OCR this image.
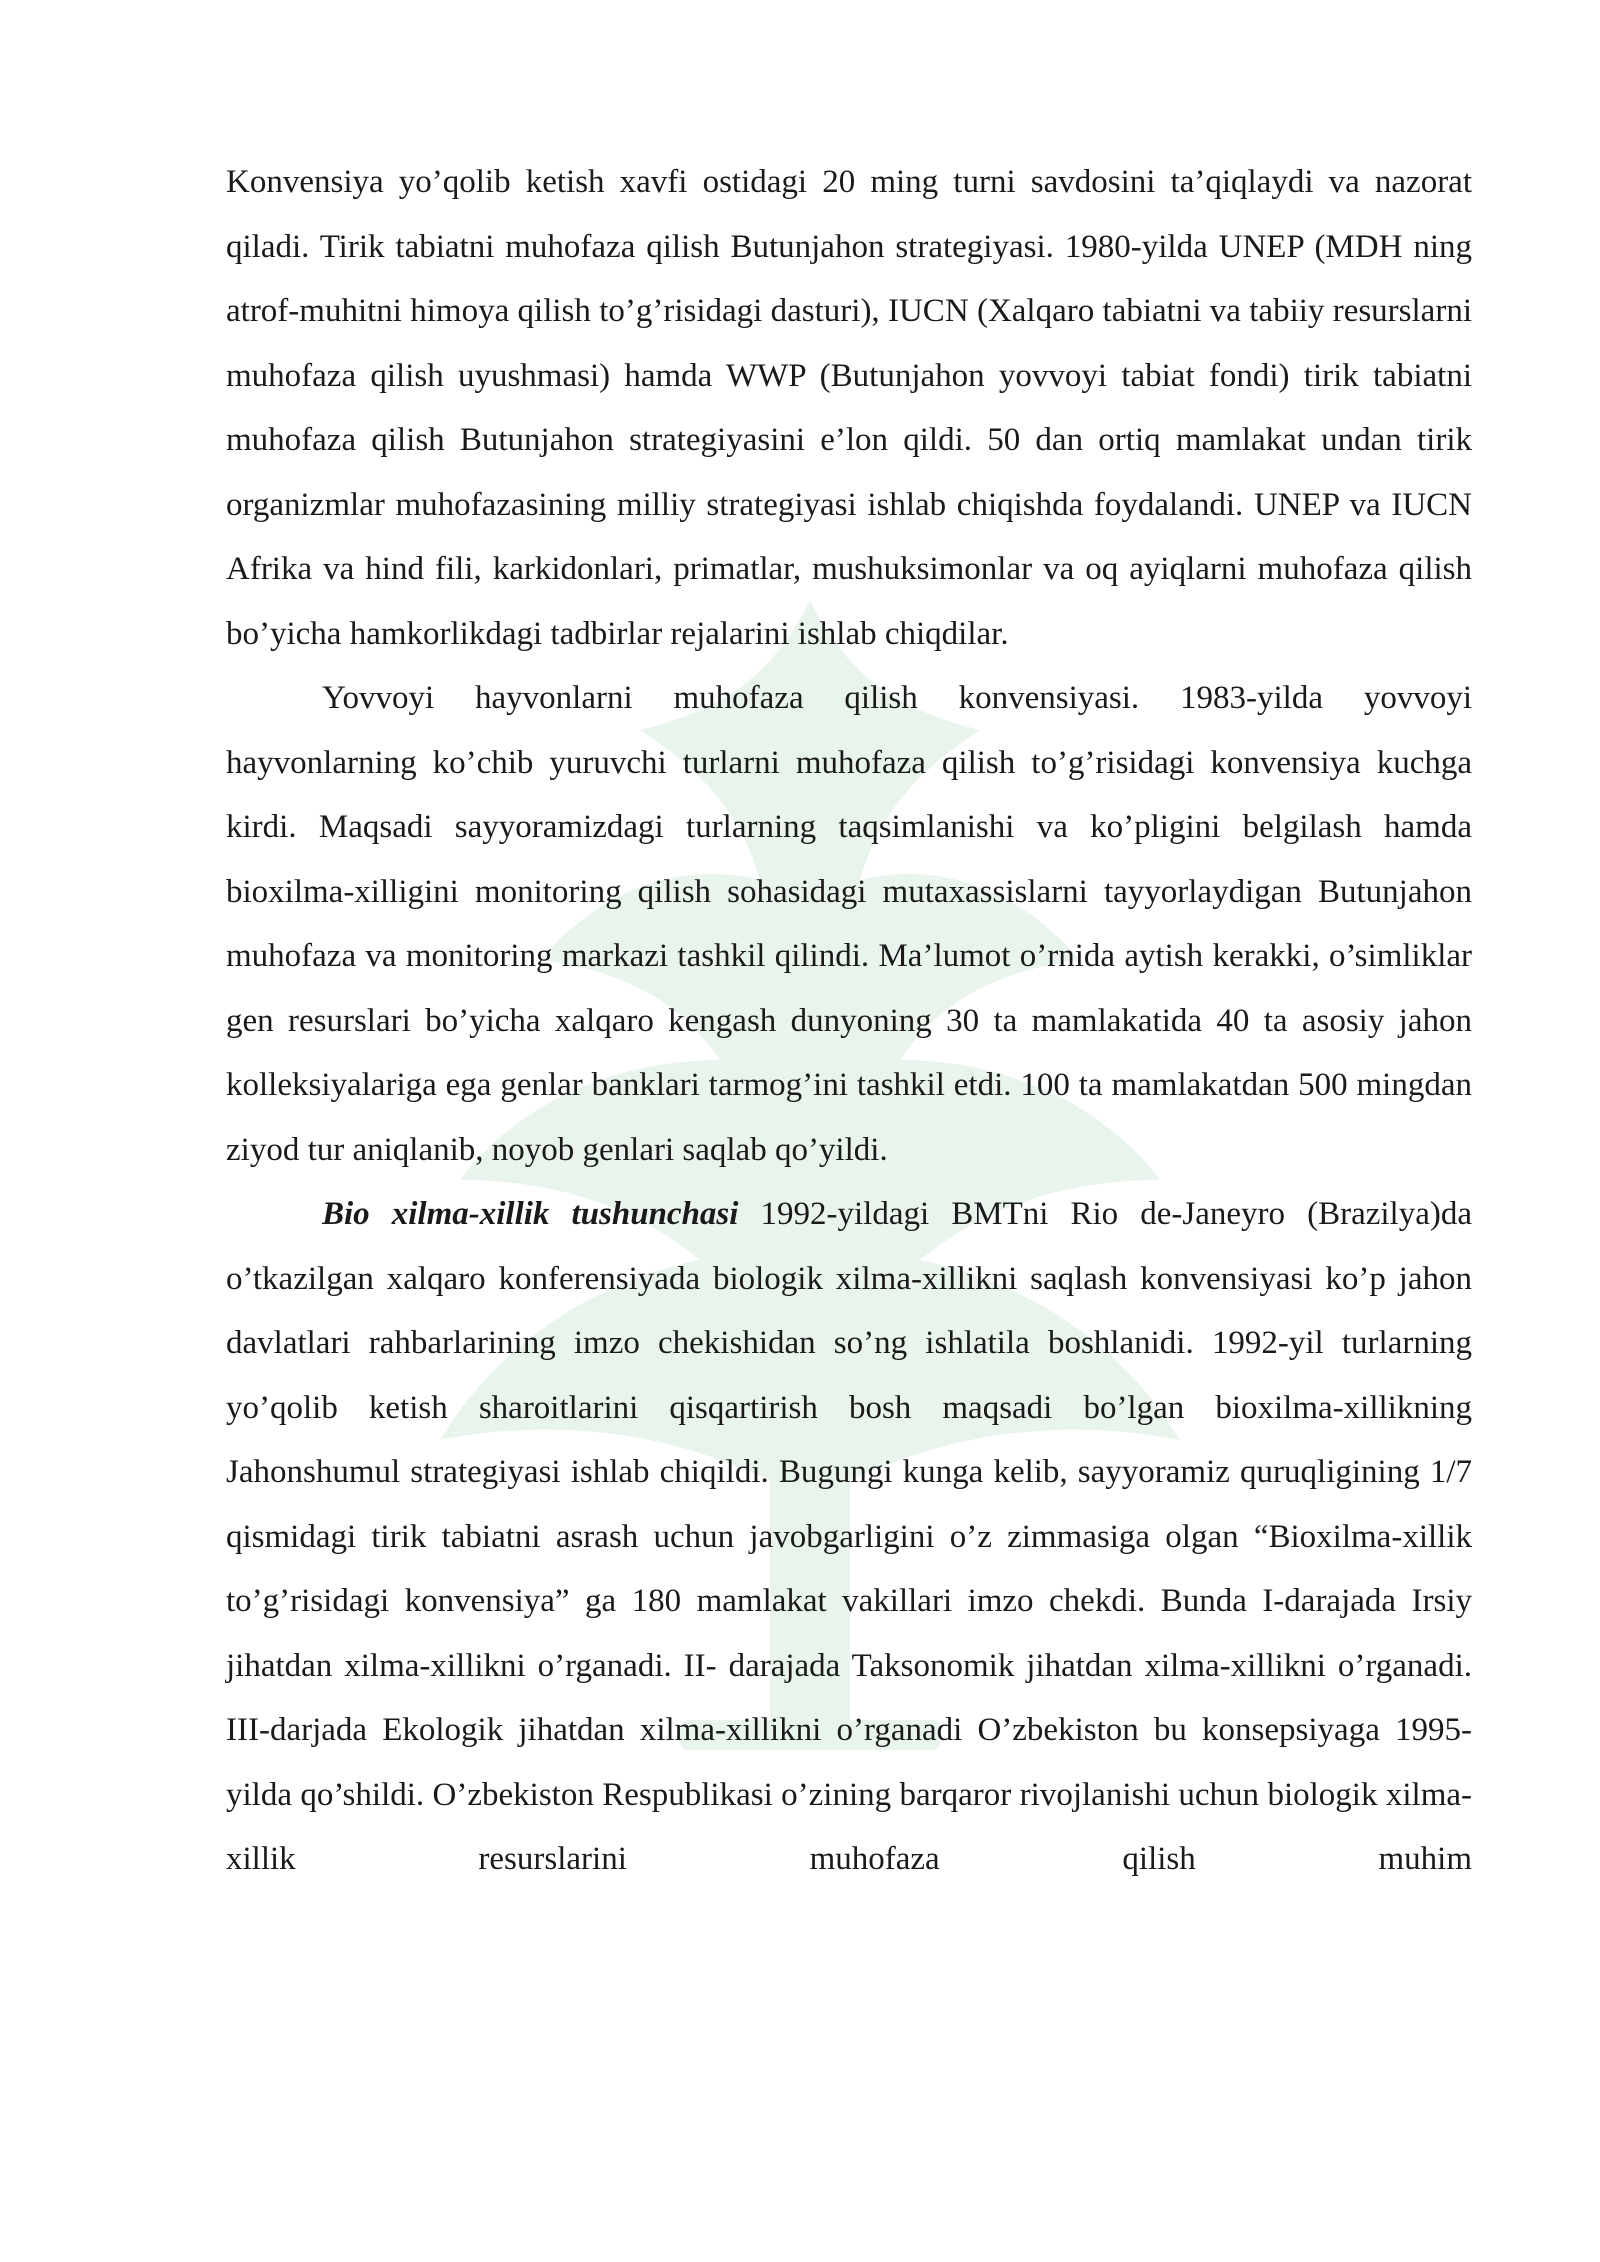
Konvensiya yo’qolib ketish xavfi ostidagi 20 ming turni savdosini ta’qiqlaydi va nazorat qiladi. Tirik tabiatni muhofaza qilish Butunjahon strategiyasi. 1980-yilda UNEP (MDH ning atrof-muhitni himoya qilish to’g’risidagi dasturi), IUCN (Xalqaro tabiatni va tabiiy resurslarni muhofaza qilish uyushmasi) hamda WWP (Butunjahon yovvoyi tabiat fondi) tirik tabiatni muhofaza qilish Butunjahon strategiyasini e’lon qildi. 50 dan ortiq mamlakat undan tirik organizmlar muhofazasining milliy strategiyasi ishlab chiqishda foydalandi. UNEP va IUCN Afrika va hind fili, karkidonlari, primatlar, mushuksimonlar va oq ayiqlarni muhofaza qilish bo’yicha hamkorlikdagi tadbirlar rejalarini ishlab chiqdilar.

Yovvoyi hayvonlarni muhofaza qilish konvensiyasi. 1983-yilda yovvoyi hayvonlarning ko’chib yuruvchi turlarni muhofaza qilish to’g’risidagi konvensiya kuchga kirdi. Maqsadi sayyoramizdagi turlarning taqsimlanishi va ko’pligini belgilash hamda bioxilma-xilligini monitoring qilish sohasidagi mutaxassislarni tayyorlaydigan Butunjahon muhofaza va monitoring markazi tashkil qilindi. Ma’lumot o’rnida aytish kerakki, o’simliklar gen resurslari bo’yicha xalqaro kengash dunyoning 30 ta mamlakatida 40 ta asosiy jahon kolleksiyalariga ega genlar banklari tarmog’ini tashkil etdi. 100 ta mamlakatdan 500 mingdan ziyod tur aniqlanib, noyob genlari saqlab qo’yildi.

Bio xilma-xillik tushunchasi 1992-yildagi BMTni Rio de-Janeyro (Brazilya)da o’tkazilgan xalqaro konferensiyada biologik xilma-xillikni saqlash konvensiyasi ko’p jahon davlatlari rahbarlarining imzo chekishidan so’ng ishlatila boshlanidi. 1992-yil turlarning yo’qolib ketish sharoitlarini qisqartirish bosh maqsadi bo’lgan bioxilma-xillikning Jahonshumul strategiyasi ishlab chiqildi. Bugungi kunga kelib, sayyoramiz quruqligining 1/7 qismidagi tirik tabiatni asrash uchun javobgarligini o’z zimmasiga olgan “Bioxilma-xillik to’g’risidagi konvensiya” ga 180 mamlakat vakillari imzo chekdi. Bunda I-darajada Irsiy jihatdan xilma-xillikni o’rganadi. II- darajada Taksonomik jihatdan xilma-xillikni o’rganadi. III-darjada Ekologik jihatdan xilma-xillikni o’rganadi O’zbekiston bu konsepsiyaga 1995-yilda qo’shildi. O’zbekiston Respublikasi o’zining barqaror rivojlanishi uchun biologik xilma-xillik resurslarini muhofaza qilish muhim
